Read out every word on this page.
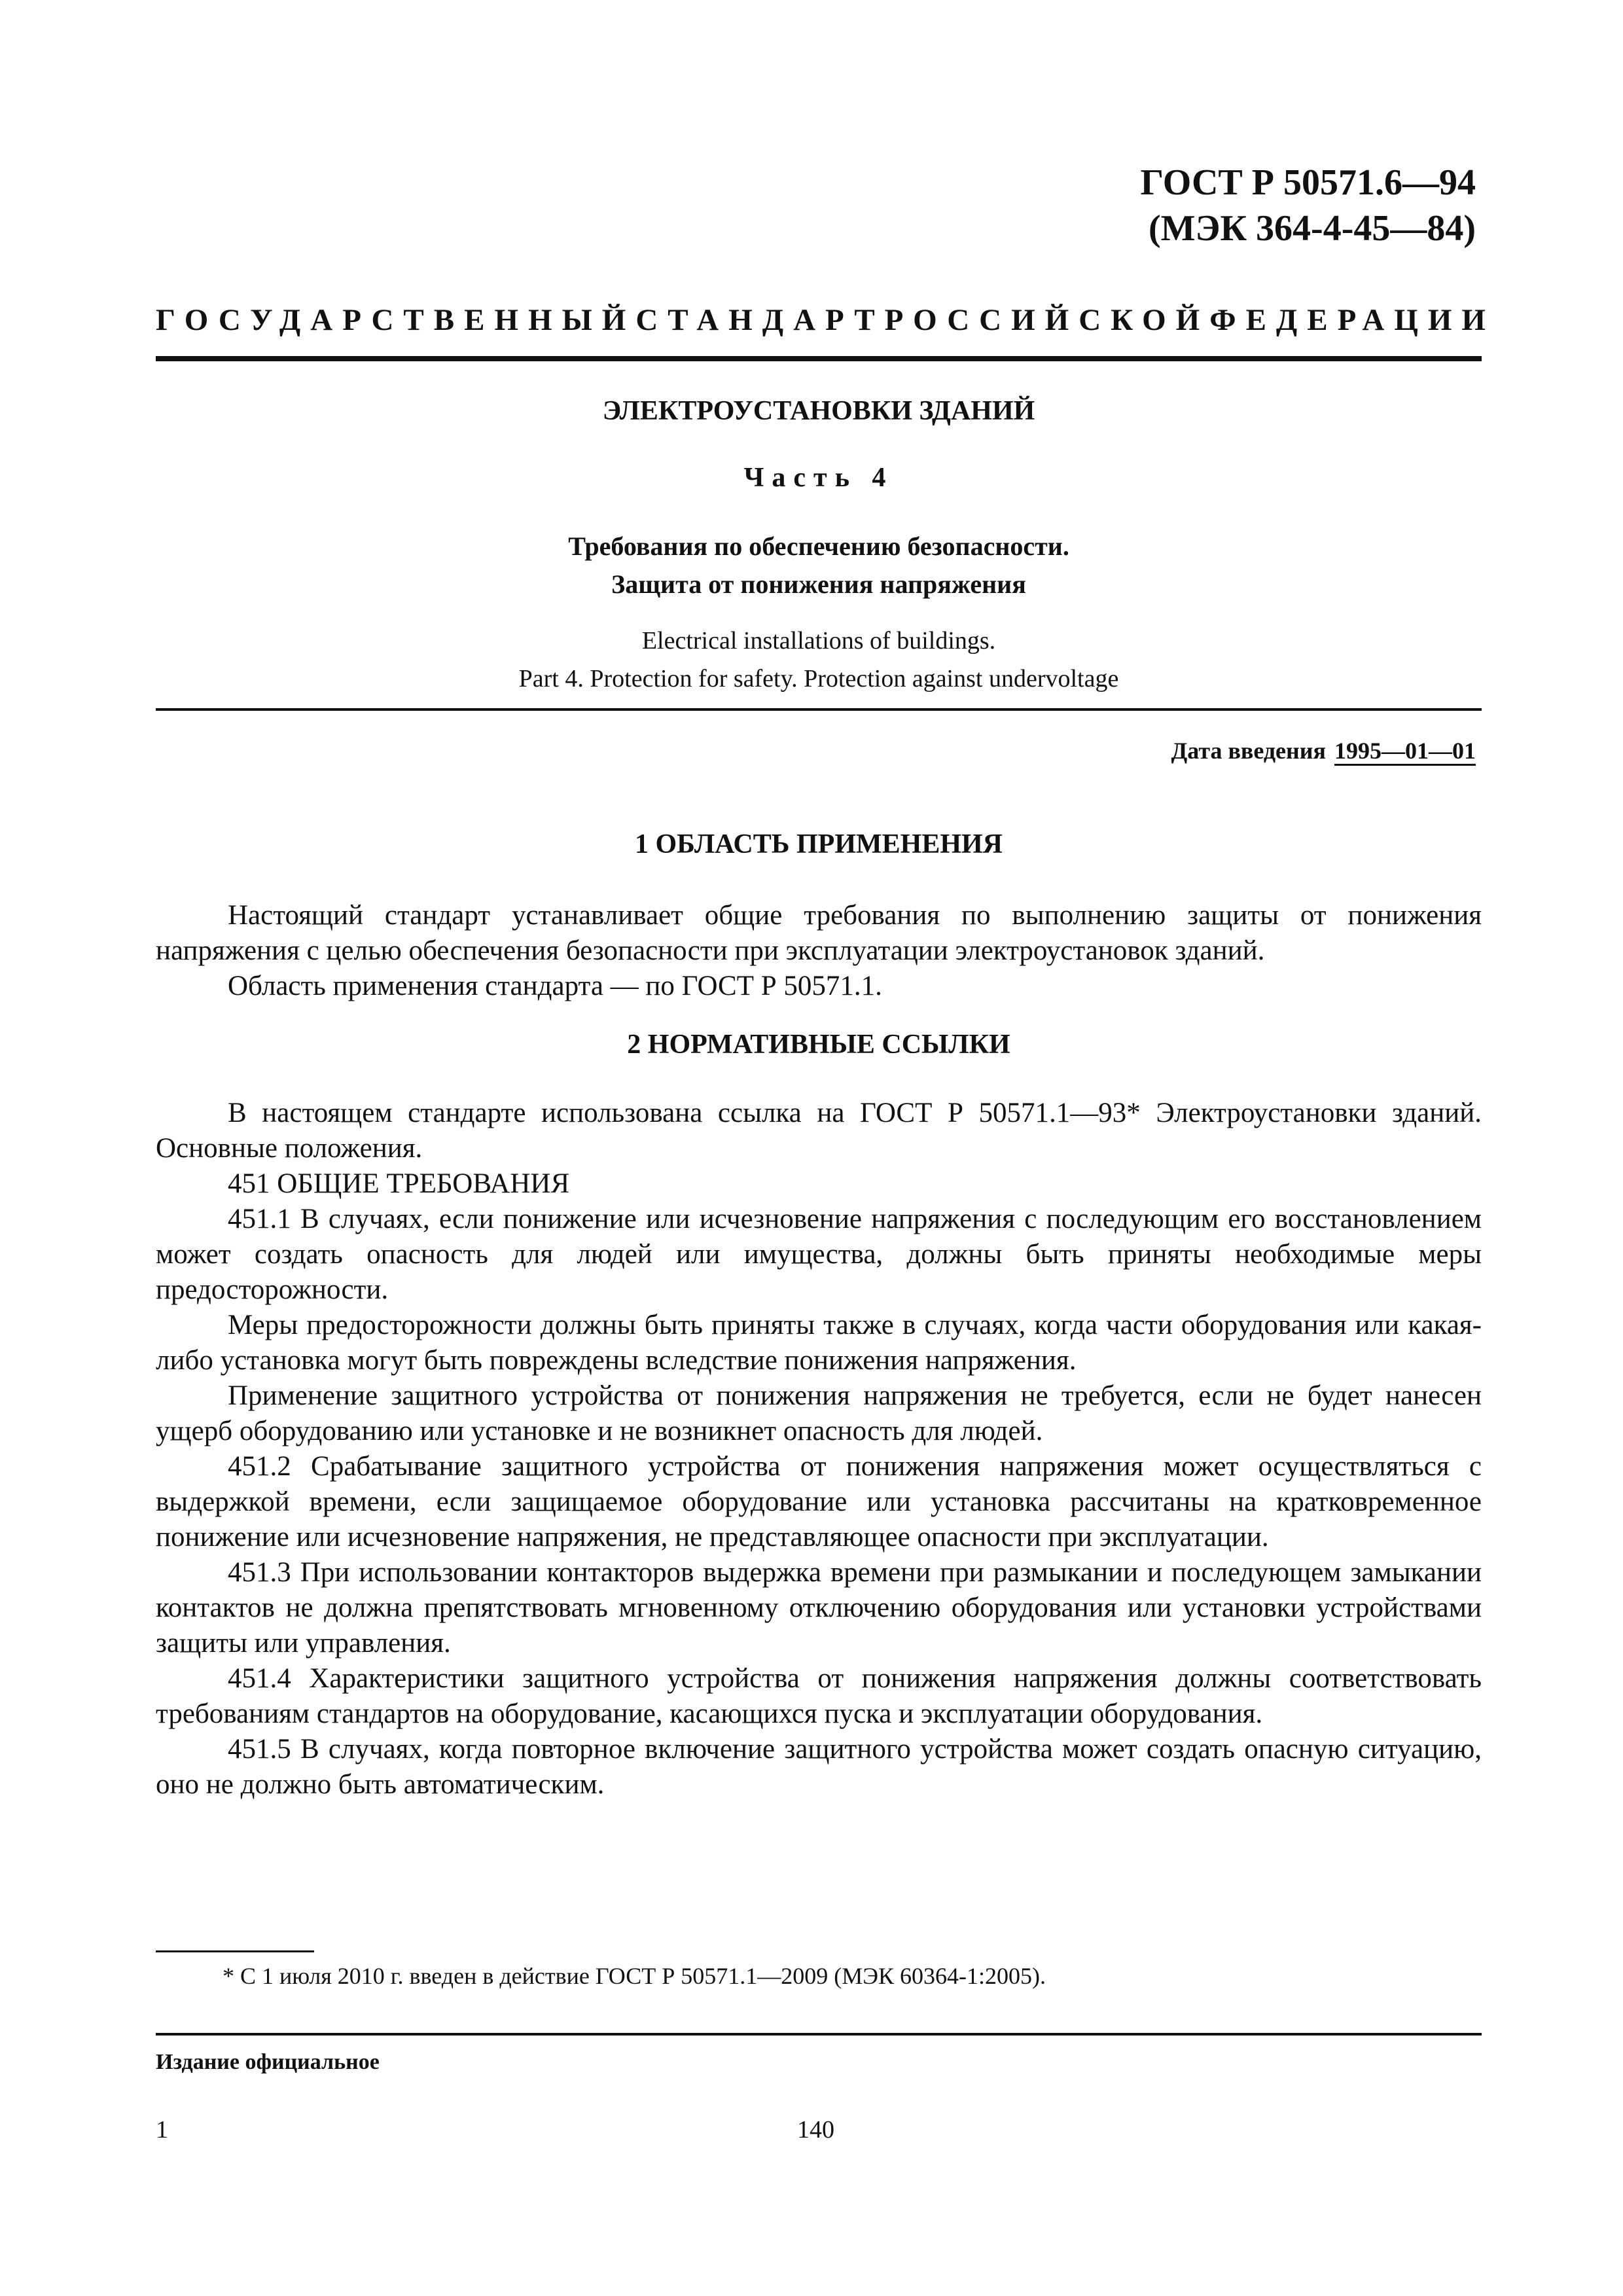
ГОСТ Р 50571.6—94
(МЭК 364-4-45—84)
ГОСУДАРСТВЕННЫЙ СТАНДАРТ РОССИЙСКОЙ ФЕДЕРАЦИИ
ЭЛЕКТРОУСТАНОВКИ ЗДАНИЙ
Часть 4
Требования по обеспечению безопасности.
Защита от понижения напряжения
Electrical installations of buildings.
Part 4. Protection for safety. Protection against undervoltage
Дата введения 1995—01—01
1 ОБЛАСТЬ ПРИМЕНЕНИЯ

Настоящий стандарт устанавливает общие требования по выполнению защиты от понижения напряжения с целью обеспечения безопасности при эксплуатации электроустановок зданий.

Область применения стандарта — по ГОСТ Р 50571.1.

2 НОРМАТИВНЫЕ ССЫЛКИ

В настоящем стандарте использована ссылка на ГОСТ Р 50571.1—93* Электроустановки зданий. Основные положения.

451 ОБЩИЕ ТРЕБОВАНИЯ

451.1 В случаях, если понижение или исчезновение напряжения с последующим его восстановлением может создать опасность для людей или имущества, должны быть приняты необходимые меры предосторожности.

Меры предосторожности должны быть приняты также в случаях, когда части оборудования или какая-либо установка могут быть повреждены вследствие понижения напряжения.

Применение защитного устройства от понижения напряжения не требуется, если не будет нанесен ущерб оборудованию или установке и не возникнет опасность для людей.

451.2 Срабатывание защитного устройства от понижения напряжения может осуществляться с выдержкой времени, если защищаемое оборудование или установка рассчитаны на кратковременное понижение или исчезновение напряжения, не представляющее опасности при эксплуатации.

451.3 При использовании контакторов выдержка времени при размыкании и последующем замыкании контактов не должна препятствовать мгновенному отключению оборудования или установки устройствами защиты или управления.

451.4 Характеристики защитного устройства от понижения напряжения должны соответствовать требованиям стандартов на оборудование, касающихся пуска и эксплуатации оборудования.

451.5 В случаях, когда повторное включение защитного устройства может создать опасную ситуацию, оно не должно быть автоматическим.

* С 1 июля 2010 г. введен в действие ГОСТ Р 50571.1—2009 (МЭК 60364-1:2005).
Издание официальное
1	140
